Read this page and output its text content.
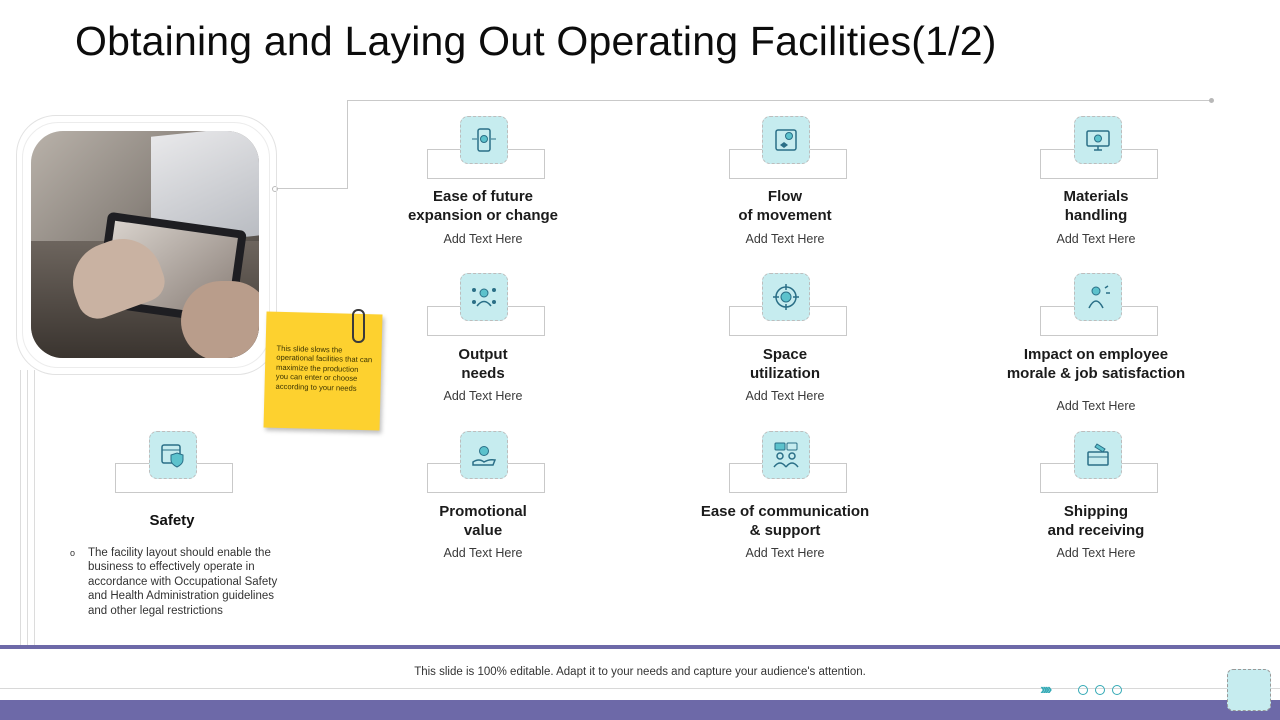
Obtaining and Laying Out Operating Facilities(1/2)
This slide slows the operational facilities that can maximize the production you can enter or choose according to your needs
Ease of future
expansion or change
Add Text Here
Flow
of movement
Add Text Here
Materials
handling
Add Text Here
Output
needs
Add Text Here
Space
utilization
Add Text Here
Impact on employee
morale & job satisfaction
Add Text Here
Promotional
value
Add Text Here
Ease of communication
& support
Add Text Here
Shipping
and receiving
Add Text Here
Safety
o The facility layout should enable the business to effectively operate in accordance with Occupational Safety and Health Administration guidelines and other legal restrictions
This slide is 100% editable. Adapt it to your needs and capture your audience's attention.
››››
